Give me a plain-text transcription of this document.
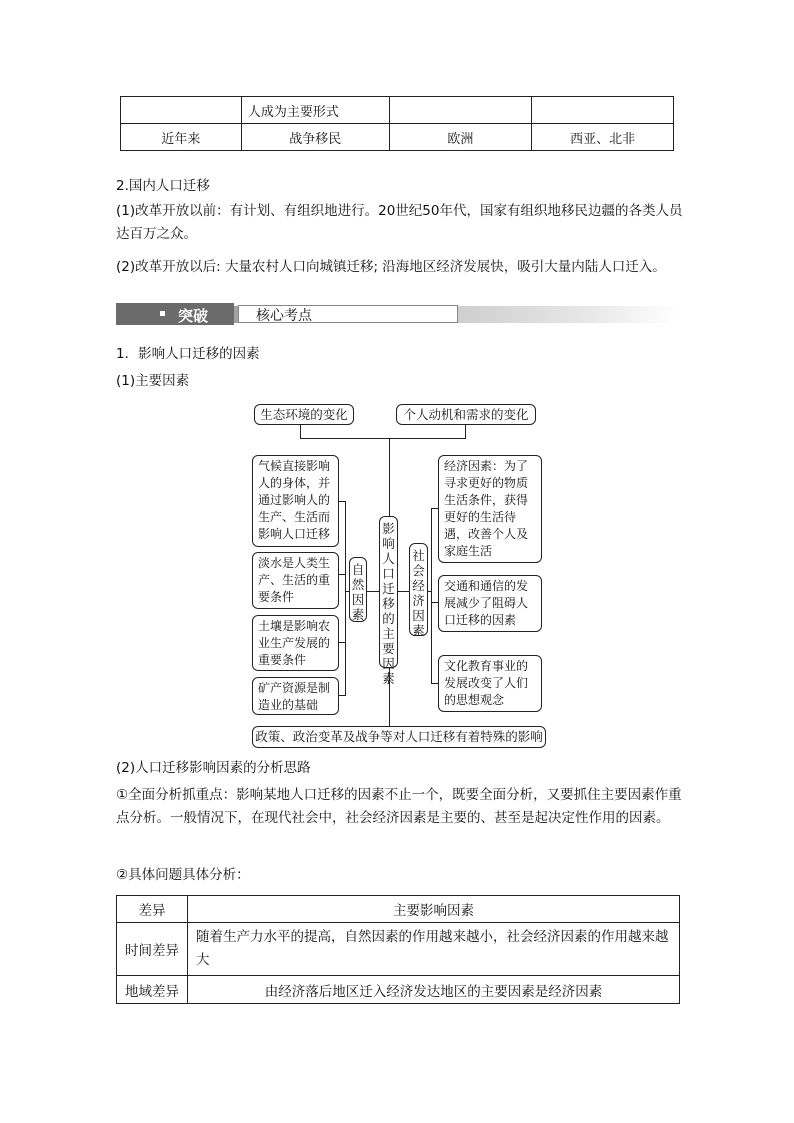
	人成为主要形式		
近年来	战争移民	欧洲	西亚、北非
2.国内人口迁移
(1)改革开放以前：有计划、有组织地进行。20世纪50年代，国家有组织地移民边疆的各类人员达百万之众。
(2)改革开放以后: 大量农村人口向城镇迁移; 沿海地区经济发展快，吸引大量内陆人口迁入。
突破	核心考点
1．影响人口迁移的因素
(1)主要因素
生态环境的变化	个人动机和需求的变化
气候直接影响人的身体，并通过影响人的生产、生活而影响人口迁移
淡水是人类生产、生活的重要条件
土壤是影响农业生产发展的重要条件
矿产资源是制造业的基础
自然因素
影响人口迁移的主要因素
社会经济因素
经济因素：为了寻求更好的物质生活条件，获得更好的生活待遇，改善个人及家庭生活
交通和通信的发展减少了阻碍人口迁移的因素
文化教育事业的发展改变了人们的思想观念
政策、政治变革及战争等对人口迁移有着特殊的影响
(2)人口迁移影响因素的分析思路
①全面分析抓重点：影响某地人口迁移的因素不止一个，既要全面分析，又要抓住主要因素作重点分析。一般情况下，在现代社会中，社会经济因素是主要的、甚至是起决定性作用的因素。
②具体问题具体分析：
差异	主要影响因素
时间差异	随着生产力水平的提高，自然因素的作用越来越小，社会经济因素的作用越来越大
地域差异	由经济落后地区迁入经济发达地区的主要因素是经济因素
